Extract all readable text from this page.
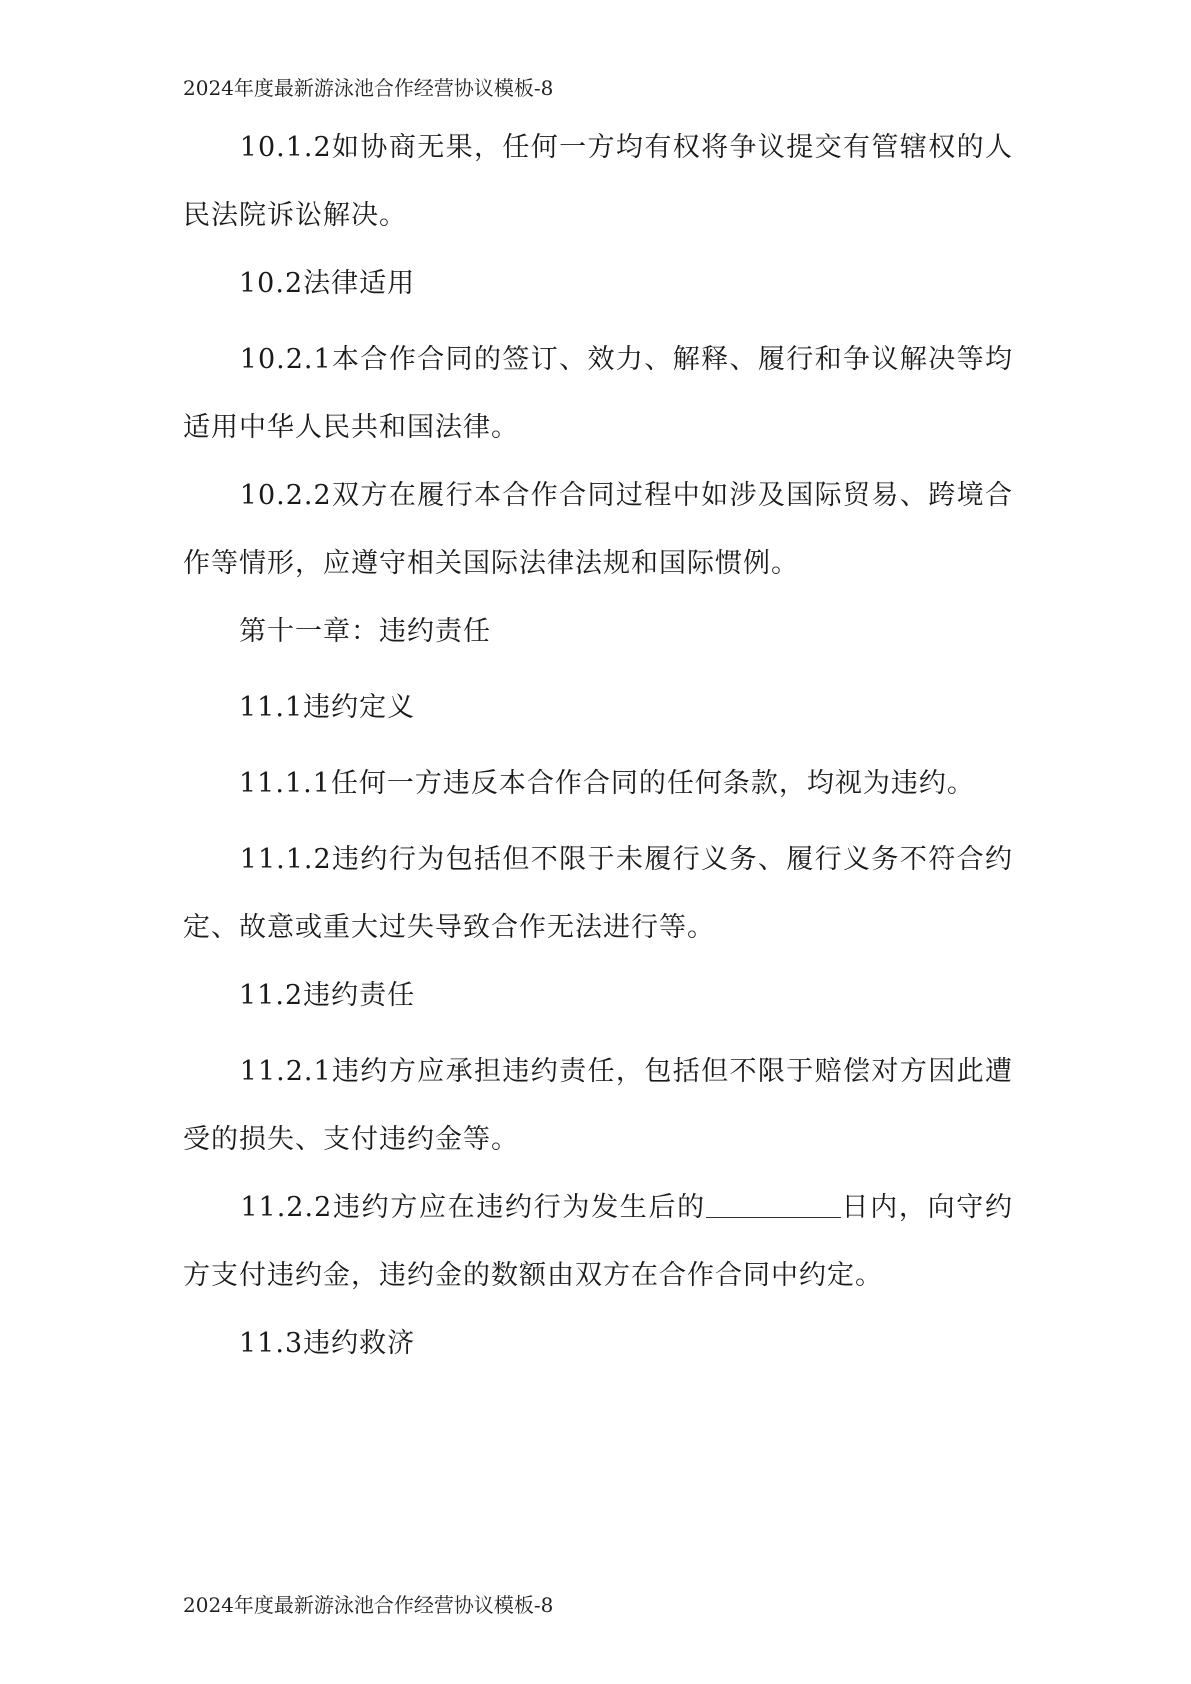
2024年度最新游泳池合作经营协议模板-8

　　10.1.2如协商无果，任何一方均有权将争议提交有管辖权的人民法院诉讼解决。

　　10.2法律适用

　　10.2.1本合作合同的签订、效力、解释、履行和争议解决等均适用中华人民共和国法律。

　　10.2.2双方在履行本合作合同过程中如涉及国际贸易、跨境合作等情形，应遵守相关国际法律法规和国际惯例。

　　第十一章：违约责任

　　11.1违约定义

　　11.1.1任何一方违反本合作合同的任何条款，均视为违约。

　　11.1.2违约行为包括但不限于未履行义务、履行义务不符合约定、故意或重大过失导致合作无法进行等。

　　11.2违约责任

　　11.2.1违约方应承担违约责任，包括但不限于赔偿对方因此遭受的损失、支付违约金等。

　　11.2.2违约方应在违约行为发生后的	日内，向守约方支付违约金，违约金的数额由双方在合作合同中约定。

　　11.3违约救济

2024年度最新游泳池合作经营协议模板-8
